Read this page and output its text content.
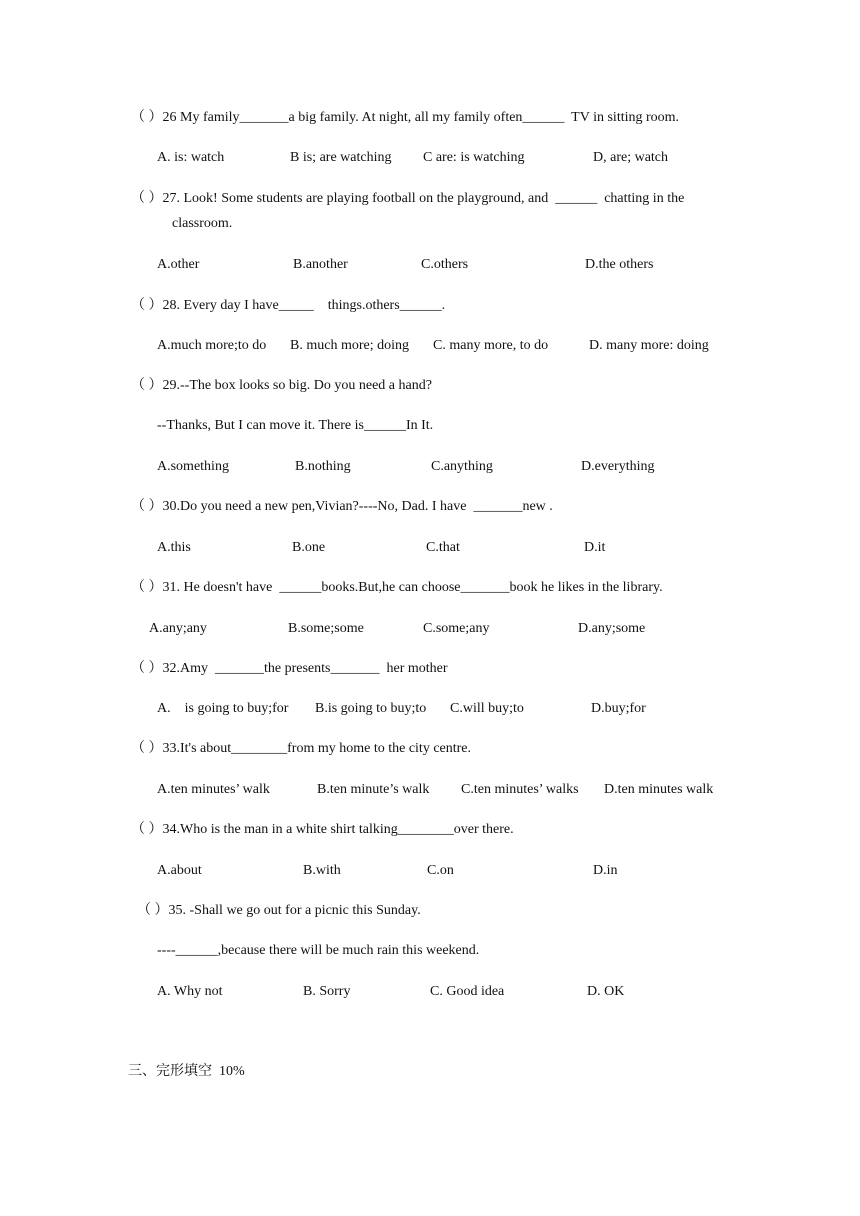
（ ）26 My family_______a big family. At night, all my family often______  TV in sitting room.
A. is: watch	B is; are watching C are: is watching	D, are; watch
（ ）27. Look! Some students are playing football on the playground, and  ______  chatting in the
classroom.
A.other	B.another	C.others	D.the others
（ ）28. Every day I have_____    things.others______.
A.much more;to do B. much more; doing C. many more, to do	D. many more: doing
（ ）29.--The box looks so big. Do you need a hand?
--Thanks, But I can move it. There is______In It.
A.something	B.nothing	C.anything	D.everything
（ ）30.Do you need a new pen,Vivian?----No, Dad. I have  _______new .
A.this	B.one	C.that	D.it
（ ）31. He doesn't have  ______books.But,he can choose_______book he likes in the library.
A.any;any	B.some;some	C.some;any	D.any;some
（ ）32.Amy  _______the presents_______  her mother
A.    is going to buy;for B.is going to buy;to C.will buy;to	D.buy;for
（ ）33.It's about________from my home to the city centre.
A.ten minutes’ walk	B.ten minute’s walk C.ten minutes’ walks D.ten minutes walk
（ ）34.Who is the man in a white shirt talking________over there.
A.about	B.with	C.on	D.in
（ ）35. -Shall we go out for a picnic this Sunday.
----______,because there will be much rain this weekend.
A. Why not	B. Sorry	C. Good idea	D. OK
三、完形填空  10%
